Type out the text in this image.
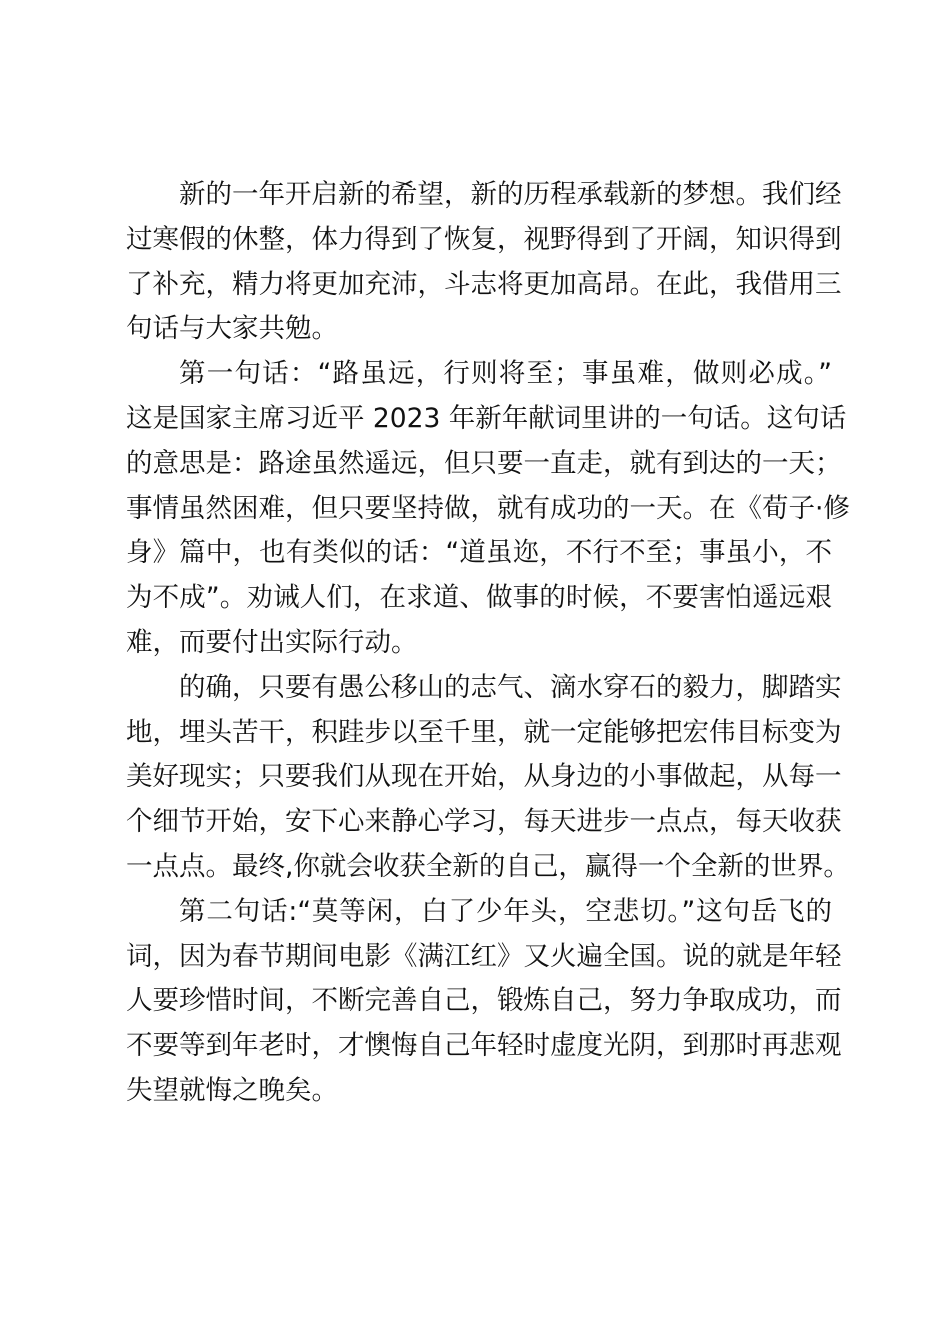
新的一年开启新的希望，新的历程承载新的梦想。我们经
过寒假的休整，体力得到了恢复，视野得到了开阔，知识得到
了补充，精力将更加充沛，斗志将更加高昂。在此，我借用三
句话与大家共勉。
第一句话：“路虽远，行则将至；事虽难，做则必成。”
这是国家主席习近平 2023 年新年献词里讲的一句话。这句话
的意思是：路途虽然遥远，但只要一直走，就有到达的一天；
事情虽然困难，但只要坚持做，就有成功的一天。在《荀子·修
身》篇中，也有类似的话：“道虽迩，不行不至；事虽小，不
为不成”。劝诫人们，在求道、做事的时候，不要害怕遥远艰
难，而要付出实际行动。
的确，只要有愚公移山的志气、滴水穿石的毅力，脚踏实
地，埋头苦干，积跬步以至千里，就一定能够把宏伟目标变为
美好现实；只要我们从现在开始，从身边的小事做起，从每一
个细节开始，安下心来静心学习，每天进步一点点，每天收获
一点点。最终,你就会收获全新的自己，赢得一个全新的世界。
第二句话:“莫等闲，白了少年头，空悲切。”这句岳飞的
词，因为春节期间电影《满江红》又火遍全国。说的就是年轻
人要珍惜时间，不断完善自己，锻炼自己，努力争取成功，而
不要等到年老时，才懊悔自己年轻时虚度光阴，到那时再悲观
失望就悔之晚矣。
